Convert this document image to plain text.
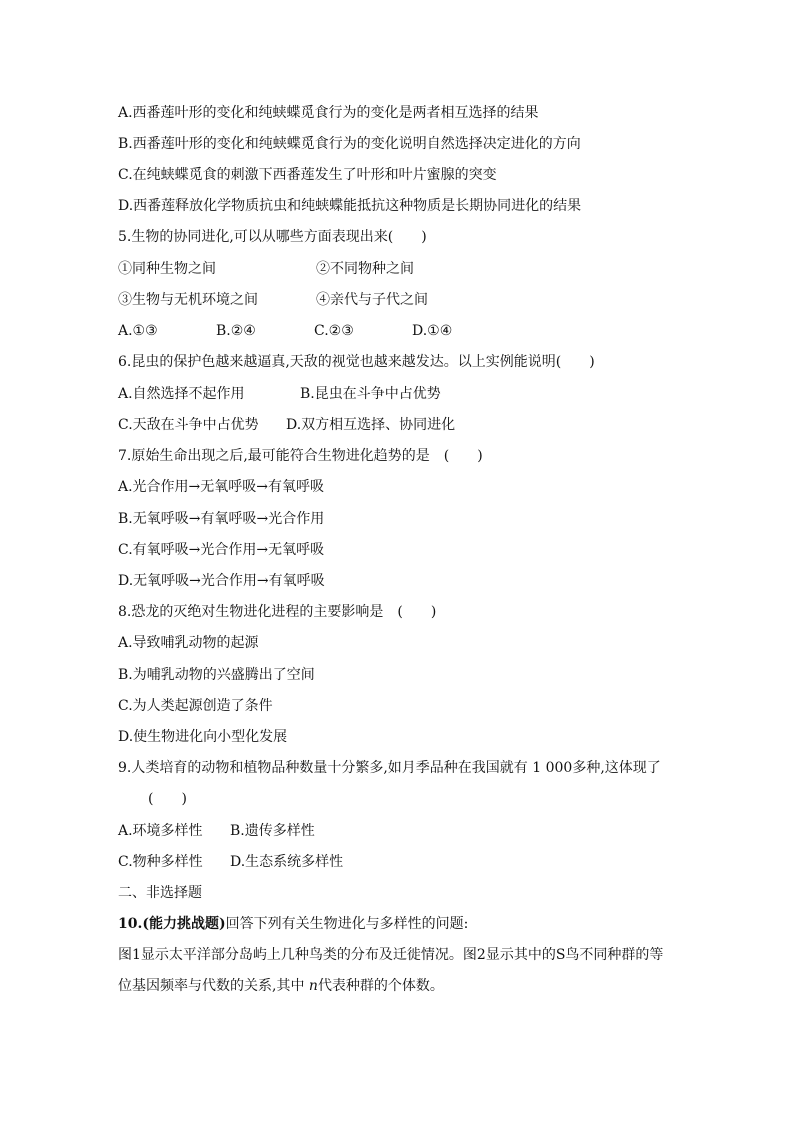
A.西番莲叶形的变化和纯蛱蝶觅食行为的变化是两者相互选择的结果
B.西番莲叶形的变化和纯蛱蝶觅食行为的变化说明自然选择决定进化的方向
C.在纯蛱蝶觅食的刺激下西番莲发生了叶形和叶片蜜腺的突变
D.西番莲释放化学物质抗虫和纯蛱蝶能抵抗这种物质是长期协同进化的结果
5.生物的协同进化,可以从哪些方面表现出来(　　)
①同种生物之间	②不同物种之间
③生物与无机环境之间	④亲代与子代之间
A.①③	B.②④	C.②③	D.①④
6.昆虫的保护色越来越逼真,天敌的视觉也越来越发达。以上实例能说明(　　)
A.自然选择不起作用	B.昆虫在斗争中占优势
C.天敌在斗争中占优势 D.双方相互选择、协同进化
7.原始生命出现之后,最可能符合生物进化趋势的是　(　　)
A.光合作用→无氧呼吸→有氧呼吸
B.无氧呼吸→有氧呼吸→光合作用
C.有氧呼吸→光合作用→无氧呼吸
D.无氧呼吸→光合作用→有氧呼吸
8.恐龙的灭绝对生物进化进程的主要影响是　(　　)
A.导致哺乳动物的起源
B.为哺乳动物的兴盛腾出了空间
C.为人类起源创造了条件
D.使生物进化向小型化发展
9.人类培育的动物和植物品种数量十分繁多,如月季品种在我国就有 1 000多种,这体现了
(　　)
A.环境多样性 B.遗传多样性
C.物种多样性 D.生态系统多样性
二、非选择题
10.(能力挑战题)回答下列有关生物进化与多样性的问题:
图1显示太平洋部分岛屿上几种鸟类的分布及迁徙情况。图2显示其中的S鸟不同种群的等
位基因频率与代数的关系,其中 n代表种群的个体数。
